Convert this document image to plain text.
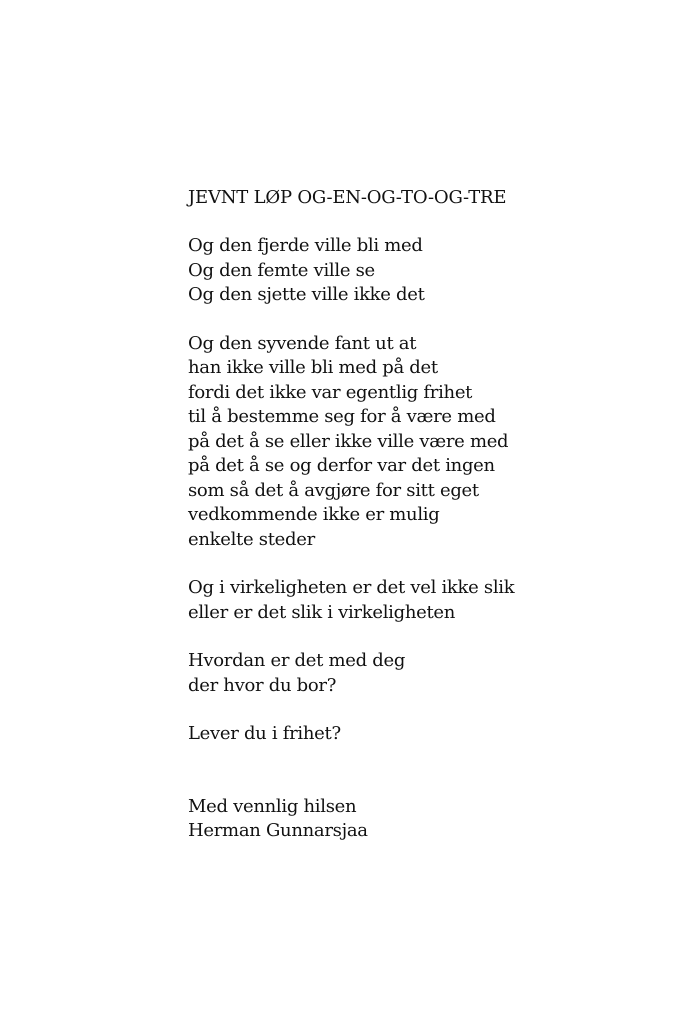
JEVNT LØP OG-EN-OG-TO-OG-TRE
Og den fjerde ville bli med
Og den femte ville se
Og den sjette ville ikke det
Og den syvende fant ut at
han ikke ville bli med på det
fordi det ikke var egentlig frihet
til å bestemme seg for å være med
på det å se eller ikke ville være med
på det å se og derfor var det ingen
som så det å avgjøre for sitt eget
vedkommende ikke er mulig
enkelte steder
Og i virkeligheten er det vel ikke slik
eller er det slik i virkeligheten
Hvordan er det med deg
der hvor du bor?
Lever du i frihet?
Med vennlig hilsen
Herman Gunnarsjaa
